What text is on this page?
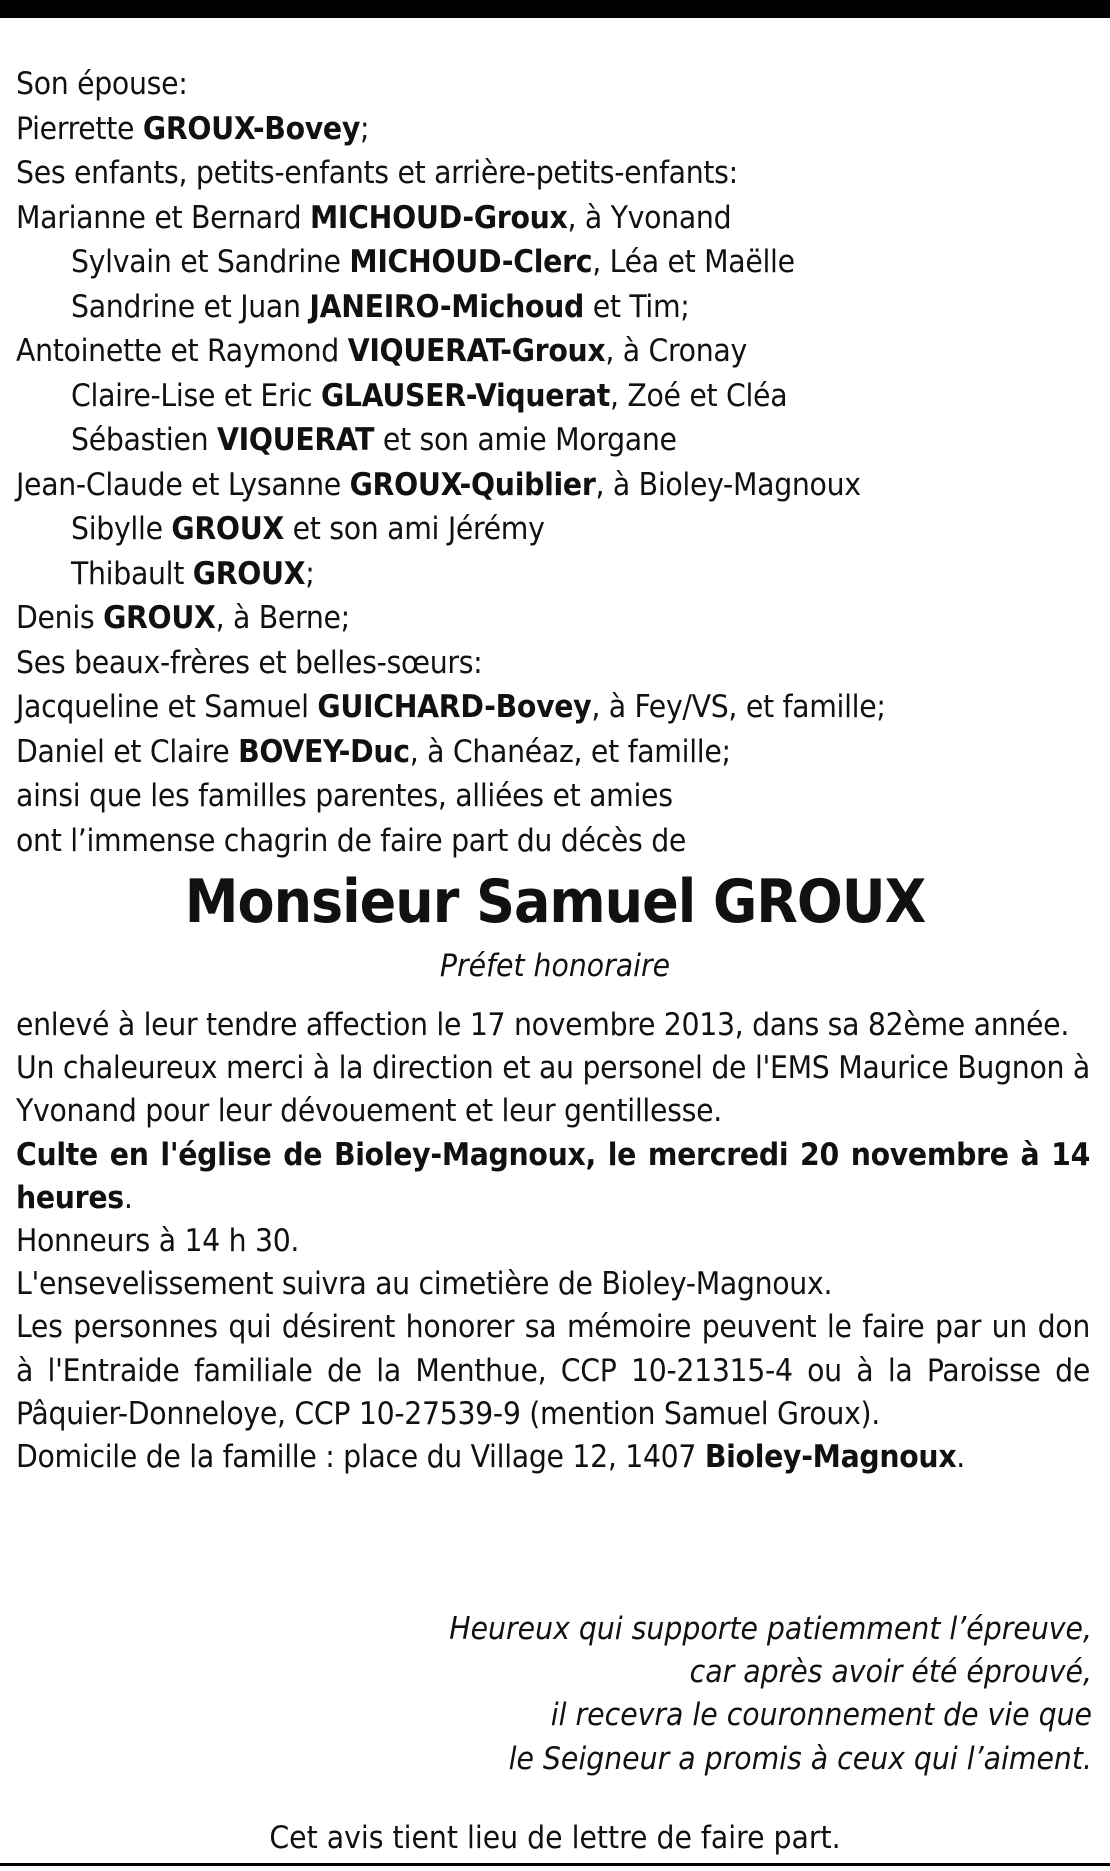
Son épouse:
Pierrette GROUX-Bovey;
Ses enfants, petits-enfants et arrière-petits-enfants:
Marianne et Bernard MICHOUD-Groux, à Yvonand
Sylvain et Sandrine MICHOUD-Clerc, Léa et Maëlle
Sandrine et Juan JANEIRO-Michoud et Tim;
Antoinette et Raymond VIQUERAT-Groux, à Cronay
Claire-Lise et Eric GLAUSER-Viquerat, Zoé et Cléa
Sébastien VIQUERAT et son amie Morgane
Jean-Claude et Lysanne GROUX-Quiblier, à Bioley-Magnoux
Sibylle GROUX et son ami Jérémy
Thibault GROUX;
Denis GROUX, à Berne;
Ses beaux-frères et belles-sœurs:
Jacqueline et Samuel GUICHARD-Bovey, à Fey/VS, et famille;
Daniel et Claire BOVEY-Duc, à Chanéaz, et famille;
ainsi que les familles parentes, alliées et amies
ont l’immense chagrin de faire part du décès de
Monsieur Samuel GROUX
Préfet honoraire
enlevé à leur tendre affection le 17 novembre 2013, dans sa 82ème année.
Un chaleureux merci à la direction et au personel de l'EMS Maurice Bugnon à Yvonand pour leur dévouement et leur gentillesse.
Culte en l'église de Bioley-Magnoux, le mercredi 20 novembre à 14 heures.
Honneurs à 14 h 30.
L'ensevelissement suivra au cimetière de Bioley-Magnoux.
Les personnes qui désirent honorer sa mémoire peuvent le faire par un don à l'Entraide familiale de la Menthue, CCP 10-21315-4 ou à la Paroisse de Pâquier-Donneloye, CCP 10-27539-9 (mention Samuel Groux).
Domicile de la famille : place du Village 12, 1407 Bioley-Magnoux.
Heureux qui supporte patiemment l’épreuve,
car après avoir été éprouvé,
il recevra le couronnement de vie que
le Seigneur a promis à ceux qui l’aiment.
Cet avis tient lieu de lettre de faire part.
